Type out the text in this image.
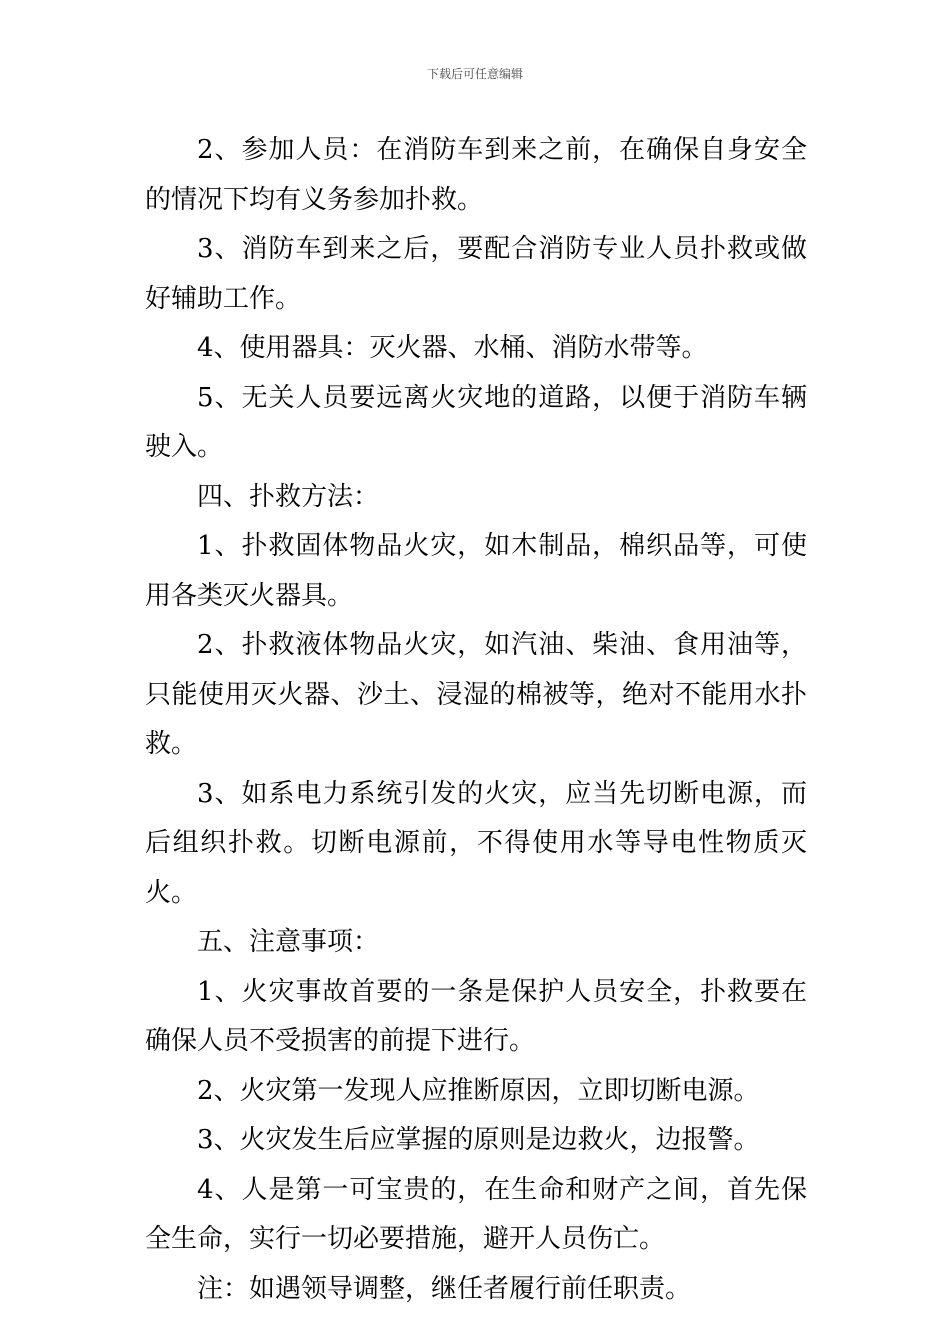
下载后可任意编辑

2、参加人员：在消防车到来之前，在确保自身安全的情况下均有义务参加扑救。

3、消防车到来之后，要配合消防专业人员扑救或做好辅助工作。

4、使用器具：灭火器、水桶、消防水带等。

5、无关人员要远离火灾地的道路，以便于消防车辆驶入。

四、扑救方法：

1、扑救固体物品火灾，如木制品，棉织品等，可使用各类灭火器具。

2、扑救液体物品火灾，如汽油、柴油、食用油等，只能使用灭火器、沙土、浸湿的棉被等，绝对不能用水扑救。

3、如系电力系统引发的火灾，应当先切断电源，而后组织扑救。切断电源前，不得使用水等导电性物质灭火。

五、注意事项：

1、火灾事故首要的一条是保护人员安全，扑救要在确保人员不受损害的前提下进行。

2、火灾第一发现人应推断原因，立即切断电源。

3、火灾发生后应掌握的原则是边救火，边报警。

4、人是第一可宝贵的，在生命和财产之间，首先保全生命，实行一切必要措施，避开人员伤亡。

注：如遇领导调整，继任者履行前任职责。
